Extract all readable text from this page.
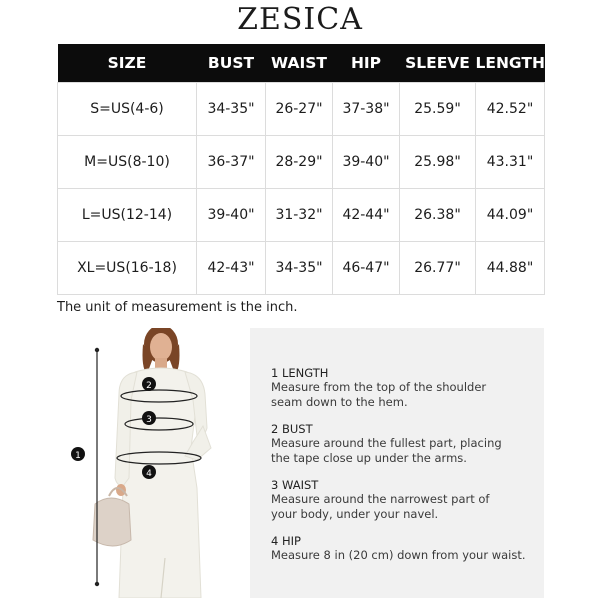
ZESICA
SIZE	BUST	WAIST	HIP	SLEEVE	LENGTH
S=US(4-6)	34-35"	26-27"	37-38"	25.59"	42.52"
M=US(8-10)	36-37"	28-29"	39-40"	25.98"	43.31"
L=US(12-14)	39-40"	31-32"	42-44"	26.38"	44.09"
XL=US(16-18)	42-43"	34-35"	46-47"	26.77"	44.88"
The unit of measurement is the inch.
1
2
3
4
1 LENGTH
Measure from the top of the shoulder
seam down to the hem.
2 BUST
Measure around the fullest part, placing
the tape close up under the arms.
3 WAIST
Measure around the narrowest part of
your body, under your navel.
4 HIP
Measure 8 in (20 cm) down from your waist.
